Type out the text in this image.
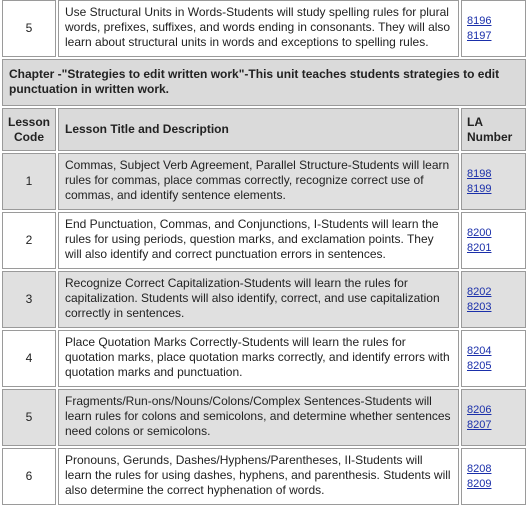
5	Use Structural Units in Words-Students will study spelling rules for plural words, prefixes, suffixes, and words ending in consonants. They will also learn about structural units in words and exceptions to spelling rules.	8196
8197

Chapter -"Strategies to edit written work"-This unit teaches students strategies to edit punctuation in written work.		
Lesson Code	Lesson Title and Description	LA Number
1	Commas, Subject Verb Agreement, Parallel Structure-Students will learn rules for commas, place commas correctly, recognize correct use of commas, and identify sentence elements.	8198
8199

2	End Punctuation, Commas, and Conjunctions, I-Students will learn the rules for using periods, question marks, and exclamation points. They will also identify and correct punctuation errors in sentences.	8200
8201

3	Recognize Correct Capitalization-Students will learn the rules for capitalization. Students will also identify, correct, and use capitalization correctly in sentences.	8202
8203

4	Place Quotation Marks Correctly-Students will learn the rules for quotation marks, place quotation marks correctly, and identify errors with quotation marks and punctuation.	8204
8205

5	Fragments/Run-ons/Nouns/Colons/Complex Sentences-Students will learn rules for colons and semicolons, and determine whether sentences need colons or semicolons.	8206
8207

6	Pronouns, Gerunds, Dashes/Hyphens/Parentheses, II-Students will learn the rules for using dashes, hyphens, and parenthesis. Students will also determine the correct hyphenation of words.	8208
8209
